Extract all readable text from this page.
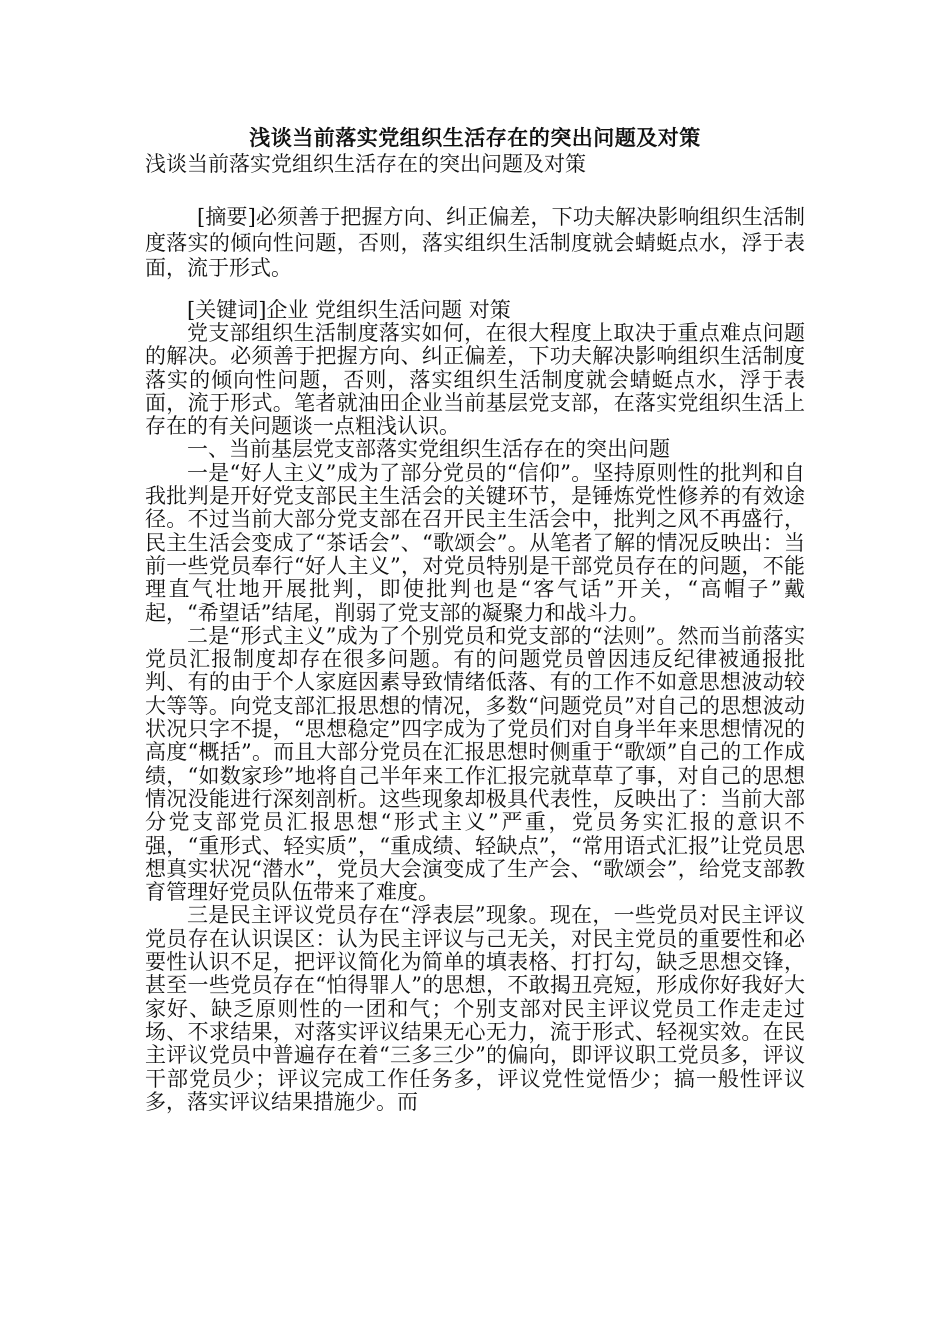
浅谈当前落实党组织生活存在的突出问题及对策
浅谈当前落实党组织生活存在的突出问题及对策
[摘要]必须善于把握方向、纠正偏差，下功夫解决影响组织生活制度落实的倾向性问题，否则，落实组织生活制度就会蜻蜓点水，浮于表面，流于形式。
[关键词]企业 党组织生活问题 对策

党支部组织生活制度落实如何，在很大程度上取决于重点难点问题的解决。必须善于把握方向、纠正偏差，下功夫解决影响组织生活制度落实的倾向性问题，否则，落实组织生活制度就会蜻蜓点水，浮于表面，流于形式。笔者就油田企业当前基层党支部，在落实党组织生活上存在的有关问题谈一点粗浅认识。

一、当前基层党支部落实党组织生活存在的突出问题

一是“好人主义”成为了部分党员的“信仰”。坚持原则性的批判和自我批判是开好党支部民主生活会的关键环节，是锤炼党性修养的有效途径。不过当前大部分党支部在召开民主生活会中，批判之风不再盛行，民主生活会变成了“茶话会”、“歌颂会”。从笔者了解的情况反映出：当前一些党员奉行“好人主义”，对党员特别是干部党员存在的问题，不能理直气壮地开展批判，即使批判也是“客气话”开关，“高帽子”戴起，“希望话”结尾，削弱了党支部的凝聚力和战斗力。

二是“形式主义”成为了个别党员和党支部的“法则”。然而当前落实党员汇报制度却存在很多问题。有的问题党员曾因违反纪律被通报批判、有的由于个人家庭因素导致情绪低落、有的工作不如意思想波动较大等等。向党支部汇报思想的情况，多数“问题党员”对自己的思想波动状况只字不提，“思想稳定”四字成为了党员们对自身半年来思想情况的高度“概括”。而且大部分党员在汇报思想时侧重于“歌颂”自己的工作成绩，“如数家珍”地将自己半年来工作汇报完就草草了事，对自己的思想情况没能进行深刻剖析。这些现象却极具代表性，反映出了：当前大部分党支部党员汇报思想“形式主义”严重，党员务实汇报的意识不强，“重形式、轻实质”，“重成绩、轻缺点”，“常用语式汇报”让党员思想真实状况“潜水”，党员大会演变成了生产会、“歌颂会”，给党支部教育管理好党员队伍带来了难度。

三是民主评议党员存在“浮表层”现象。现在，一些党员对民主评议党员存在认识误区：认为民主评议与己无关，对民主党员的重要性和必要性认识不足，把评议简化为简单的填表格、打打勾，缺乏思想交锋，甚至一些党员存在“怕得罪人”的思想，不敢揭丑亮短，形成你好我好大家好、缺乏原则性的一团和气；个别支部对民主评议党员工作走走过场、不求结果，对落实评议结果无心无力，流于形式、轻视实效。在民主评议党员中普遍存在着“三多三少”的偏向，即评议职工党员多，评议干部党员少；评议完成工作任务多，评议党性觉悟少；搞一般性评议多，落实评议结果措施少。而
